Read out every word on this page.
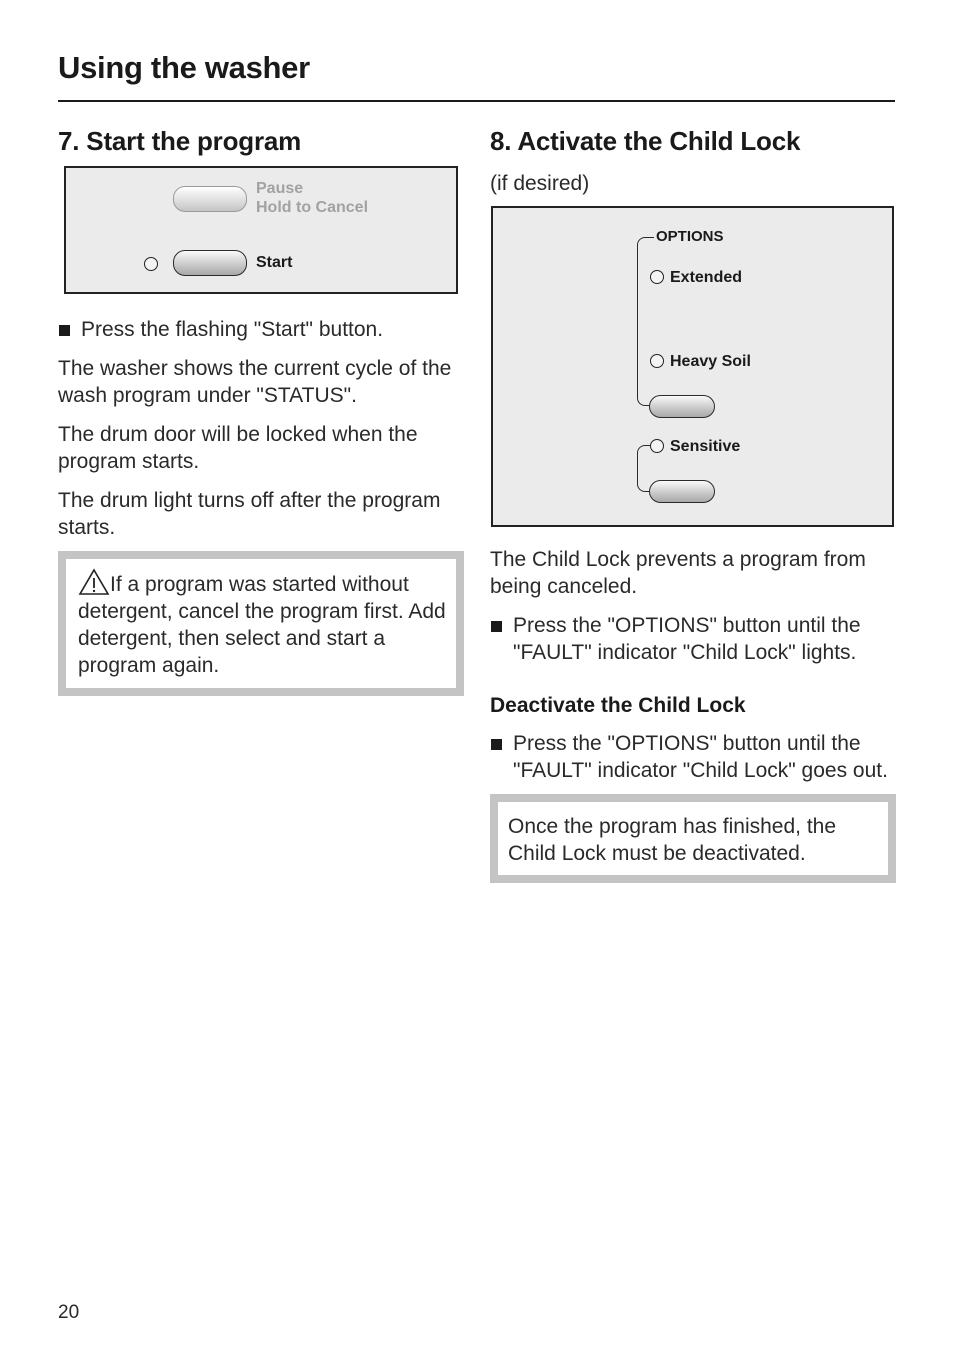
Using the washer
7. Start the program
Pause
Hold to Cancel
Start
Press the flashing "Start" button.

The washer shows the current cycle of the wash program under "STATUS".

The drum door will be locked when the program starts.

The drum light turns off after the program starts.

If a program was started without detergent, cancel the program first. Add detergent, then select and start a program again.
8. Activate the Child Lock

(if desired)

OPTIONS
Extended
Heavy Soil
Sensitive

The Child Lock prevents a program from being canceled.

Press the "OPTIONS" button until the "FAULT" indicator "Child Lock" lights.
Deactivate the Child Lock
Press the "OPTIONS" button until the "FAULT" indicator "Child Lock" goes out.

Once the program has finished, the Child Lock must be deactivated.

20
